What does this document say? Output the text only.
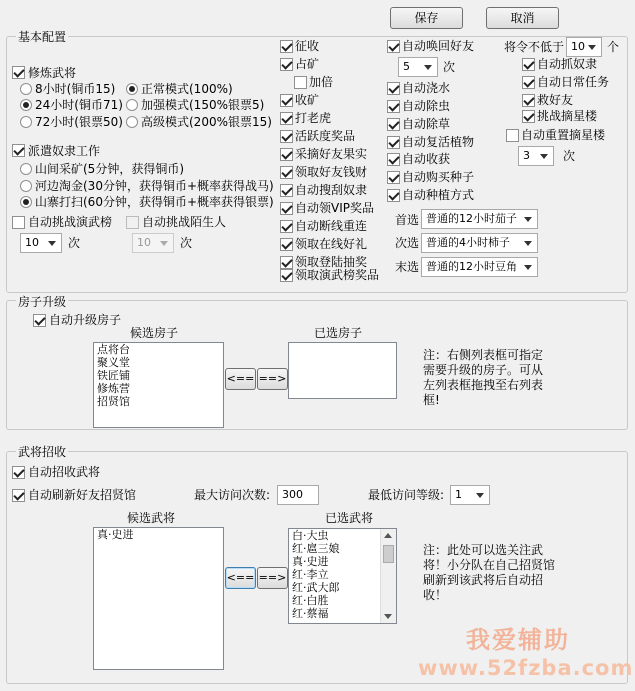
保存	取消
基本配置
修炼武将
8小时(铜币15)
24小时(铜币71)
72小时(银票50)
正常模式(100%)
加强模式(150%银票5)
高级模式(200%银票15)
派遣奴隶工作
山间采矿(5分钟，获得铜币)
河边淘金(30分钟，获得铜币+概率获得战马)
山寨打扫(60分钟，获得铜币+概率获得银票)
自动挑战演武榜 自动挑战陌生人
10	次	10	次
征收
占矿
加倍
收矿
打老虎
活跃度奖品
采摘好友果实
领取好友钱财
自动搜刮奴隶
自动领VIP奖品
自动断线重连
领取在线好礼
领取登陆抽奖
领取演武榜奖品
自动唤回好友
5	次
自动浇水
自动除虫
自动除草
自动复活植物
自动收获
自动购买种子
自动种植方式
首选 普通的12小时茄子
次选 普通的4小时柿子
末选 普通的12小时豆角
将令不低于 10	个
自动抓奴隶
自动日常任务
救好友
挑战摘星楼
自动重置摘星楼
3	次
房子升级
自动升级房子
候选房子	已选房子
点将台
聚义堂
铁匠铺
修炼营
招贤馆
<== ==>
注：右侧列表框可指定需要升级的房子。可从左列表框拖拽至右列表框!
武将招收
自动招收武将
自动刷新好友招贤馆	最大访问次数:	300	最低访问等级: 1
候选武将	已选武将
真·史进
<== ==>
白·大虫
红·扈三娘
真·史进
红·李立
红·武大郎
红·白胜
红·蔡福
注：此处可以选关注武将！小分队在自己招贤馆刷新到该武将后自动招收！
我爱辅助
www.52fzba.com
